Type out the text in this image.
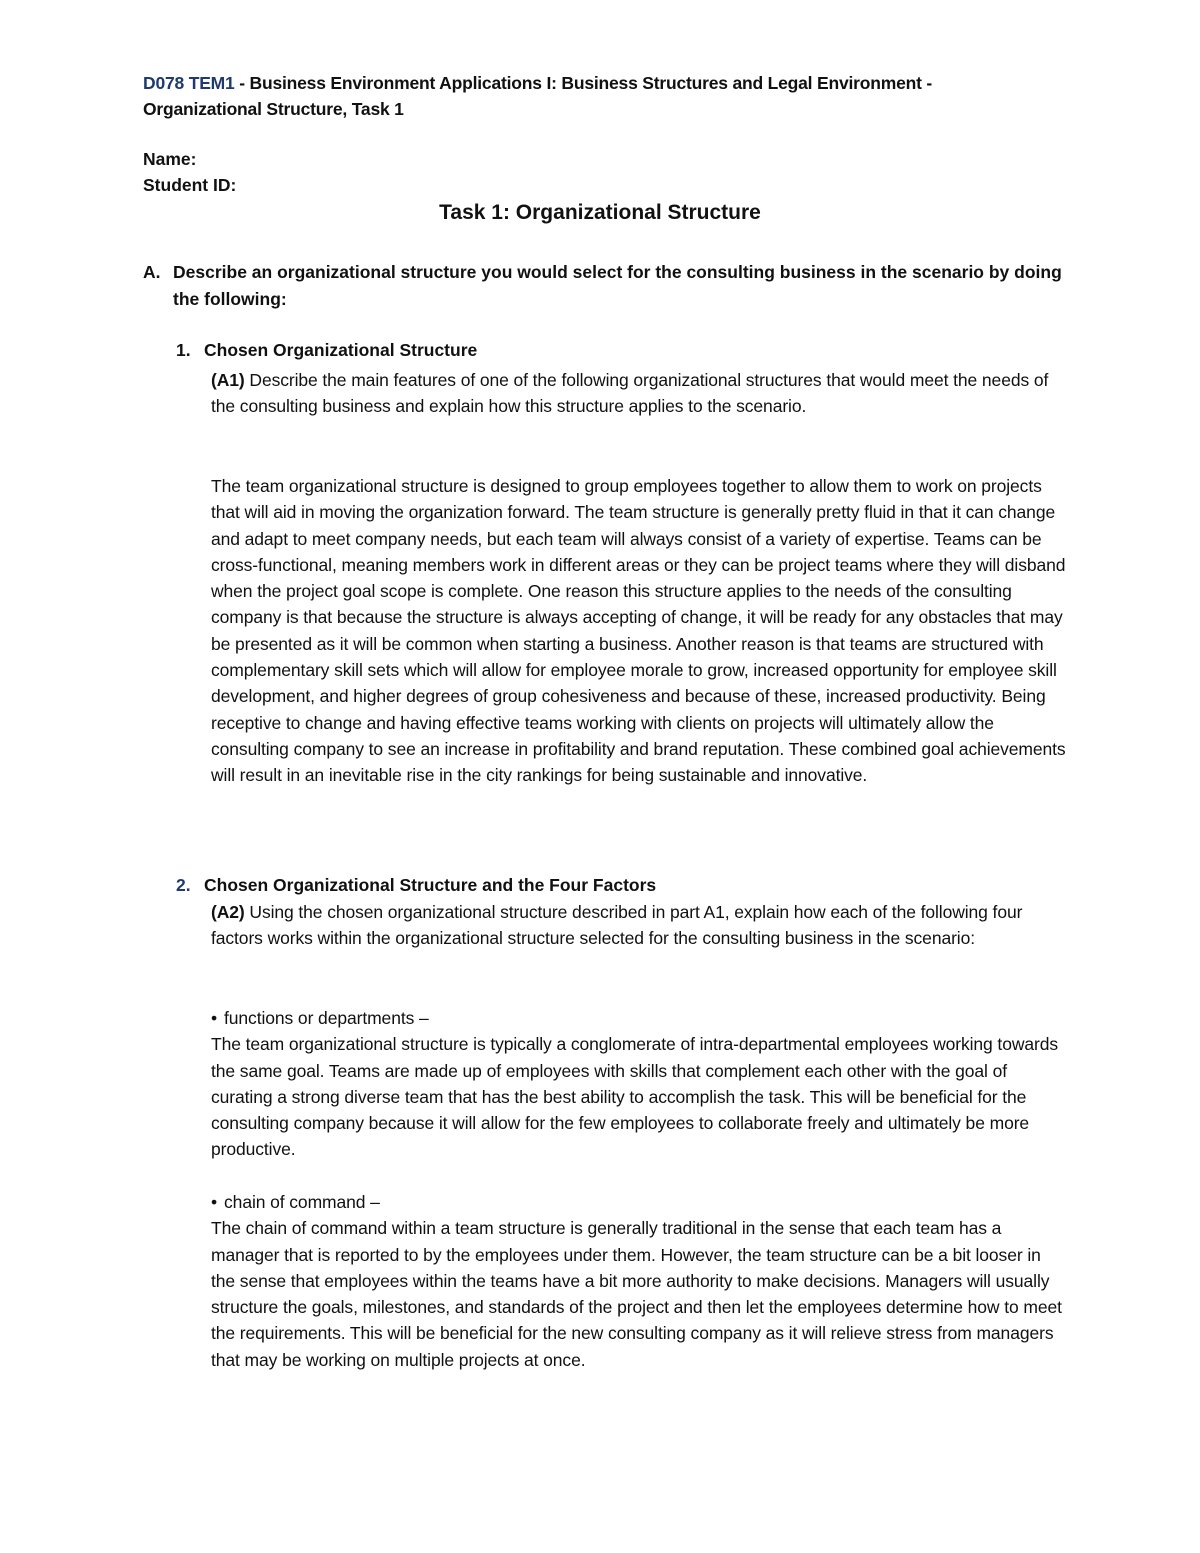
D078 TEM1 - Business Environment Applications I: Business Structures and Legal Environment - Organizational Structure, Task 1
Name:
Student ID:
Task 1: Organizational Structure
A. Describe an organizational structure you would select for the consulting business in the scenario by doing the following:
1. Chosen Organizational Structure
(A1) Describe the main features of one of the following organizational structures that would meet the needs of the consulting business and explain how this structure applies to the scenario.
The team organizational structure is designed to group employees together to allow them to work on projects that will aid in moving the organization forward. The team structure is generally pretty fluid in that it can change and adapt to meet company needs, but each team will always consist of a variety of expertise. Teams can be cross-functional, meaning members work in different areas or they can be project teams where they will disband when the project goal scope is complete. One reason this structure applies to the needs of the consulting company is that because the structure is always accepting of change, it will be ready for any obstacles that may be presented as it will be common when starting a business. Another reason is that teams are structured with complementary skill sets which will allow for employee morale to grow, increased opportunity for employee skill development, and higher degrees of group cohesiveness and because of these, increased productivity. Being receptive to change and having effective teams working with clients on projects will ultimately allow the consulting company to see an increase in profitability and brand reputation. These combined goal achievements will result in an inevitable rise in the city rankings for being sustainable and innovative.
2. Chosen Organizational Structure and the Four Factors
(A2) Using the chosen organizational structure described in part A1, explain how each of the following four factors works within the organizational structure selected for the consulting business in the scenario:
• functions or departments –
The team organizational structure is typically a conglomerate of intra-departmental employees working towards the same goal. Teams are made up of employees with skills that complement each other with the goal of curating a strong diverse team that has the best ability to accomplish the task. This will be beneficial for the consulting company because it will allow for the few employees to collaborate freely and ultimately be more productive.
• chain of command –
The chain of command within a team structure is generally traditional in the sense that each team has a manager that is reported to by the employees under them. However, the team structure can be a bit looser in the sense that employees within the teams have a bit more authority to make decisions. Managers will usually structure the goals, milestones, and standards of the project and then let the employees determine how to meet the requirements. This will be beneficial for the new consulting company as it will relieve stress from managers that may be working on multiple projects at once.
